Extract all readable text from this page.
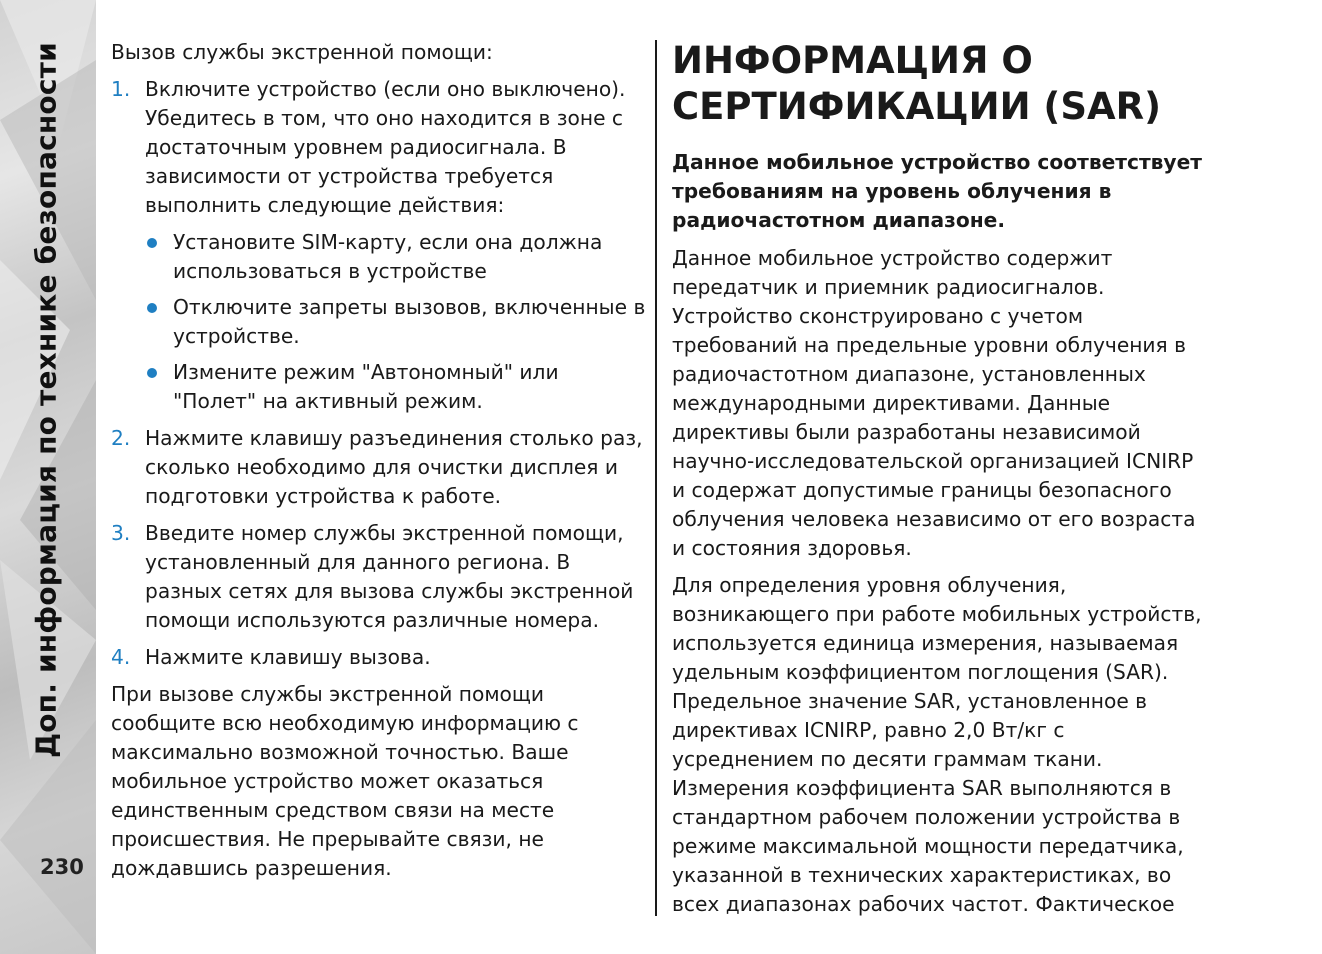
Доп. информация по технике безопасности
230

Вызов службы экстренной помощи:

1. Включите устройство (если оно выключено). Убедитесь в том, что оно находится в зоне с достаточным уровнем радиосигнала. В зависимости от устройства требуется выполнить следующие действия:
Установите SIM-карту, если она должна использоваться в устройстве
Отключите запреты вызовов, включенные в устройстве.
Измените режим "Автономный" или "Полет" на активный режим.
2. Нажмите клавишу разъединения столько раз, сколько необходимо для очистки дисплея и подготовки устройства к работе.
3. Введите номер службы экстренной помощи, установленный для данного региона. В разных сетях для вызова службы экстренной помощи используются различные номера.
4. Нажмите клавишу вызова.

При вызове службы экстренной помощи сообщите всю необходимую информацию с максимально возможной точностью. Ваше мобильное устройство может оказаться единственным средством связи на месте происшествия. Не прерывайте связи, не дождавшись разрешения.

ИНФОРМАЦИЯ О СЕРТИФИКАЦИИ (SAR)

Данное мобильное устройство соответствует требованиям на уровень облучения в радиочастотном диапазоне.

Данное мобильное устройство содержит передатчик и приемник радиосигналов. Устройство сконструировано с учетом требований на предельные уровни облучения в радиочастотном диапазоне, установленных международными директивами. Данные директивы были разработаны независимой научно-исследовательской организацией ICNIRP и содержат допустимые границы безопасного облучения человека независимо от его возраста и состояния здоровья.

Для определения уровня облучения, возникающего при работе мобильных устройств, используется единица измерения, называемая удельным коэффициентом поглощения (SAR). Предельное значение SAR, установленное в директивах ICNIRP, равно 2,0 Вт/кг с усреднением по десяти граммам ткани. Измерения коэффициента SAR выполняются в стандартном рабочем положении устройства в режиме максимальной мощности передатчика, указанной в технических характеристиках, во всех диапазонах рабочих частот. Фактическое
